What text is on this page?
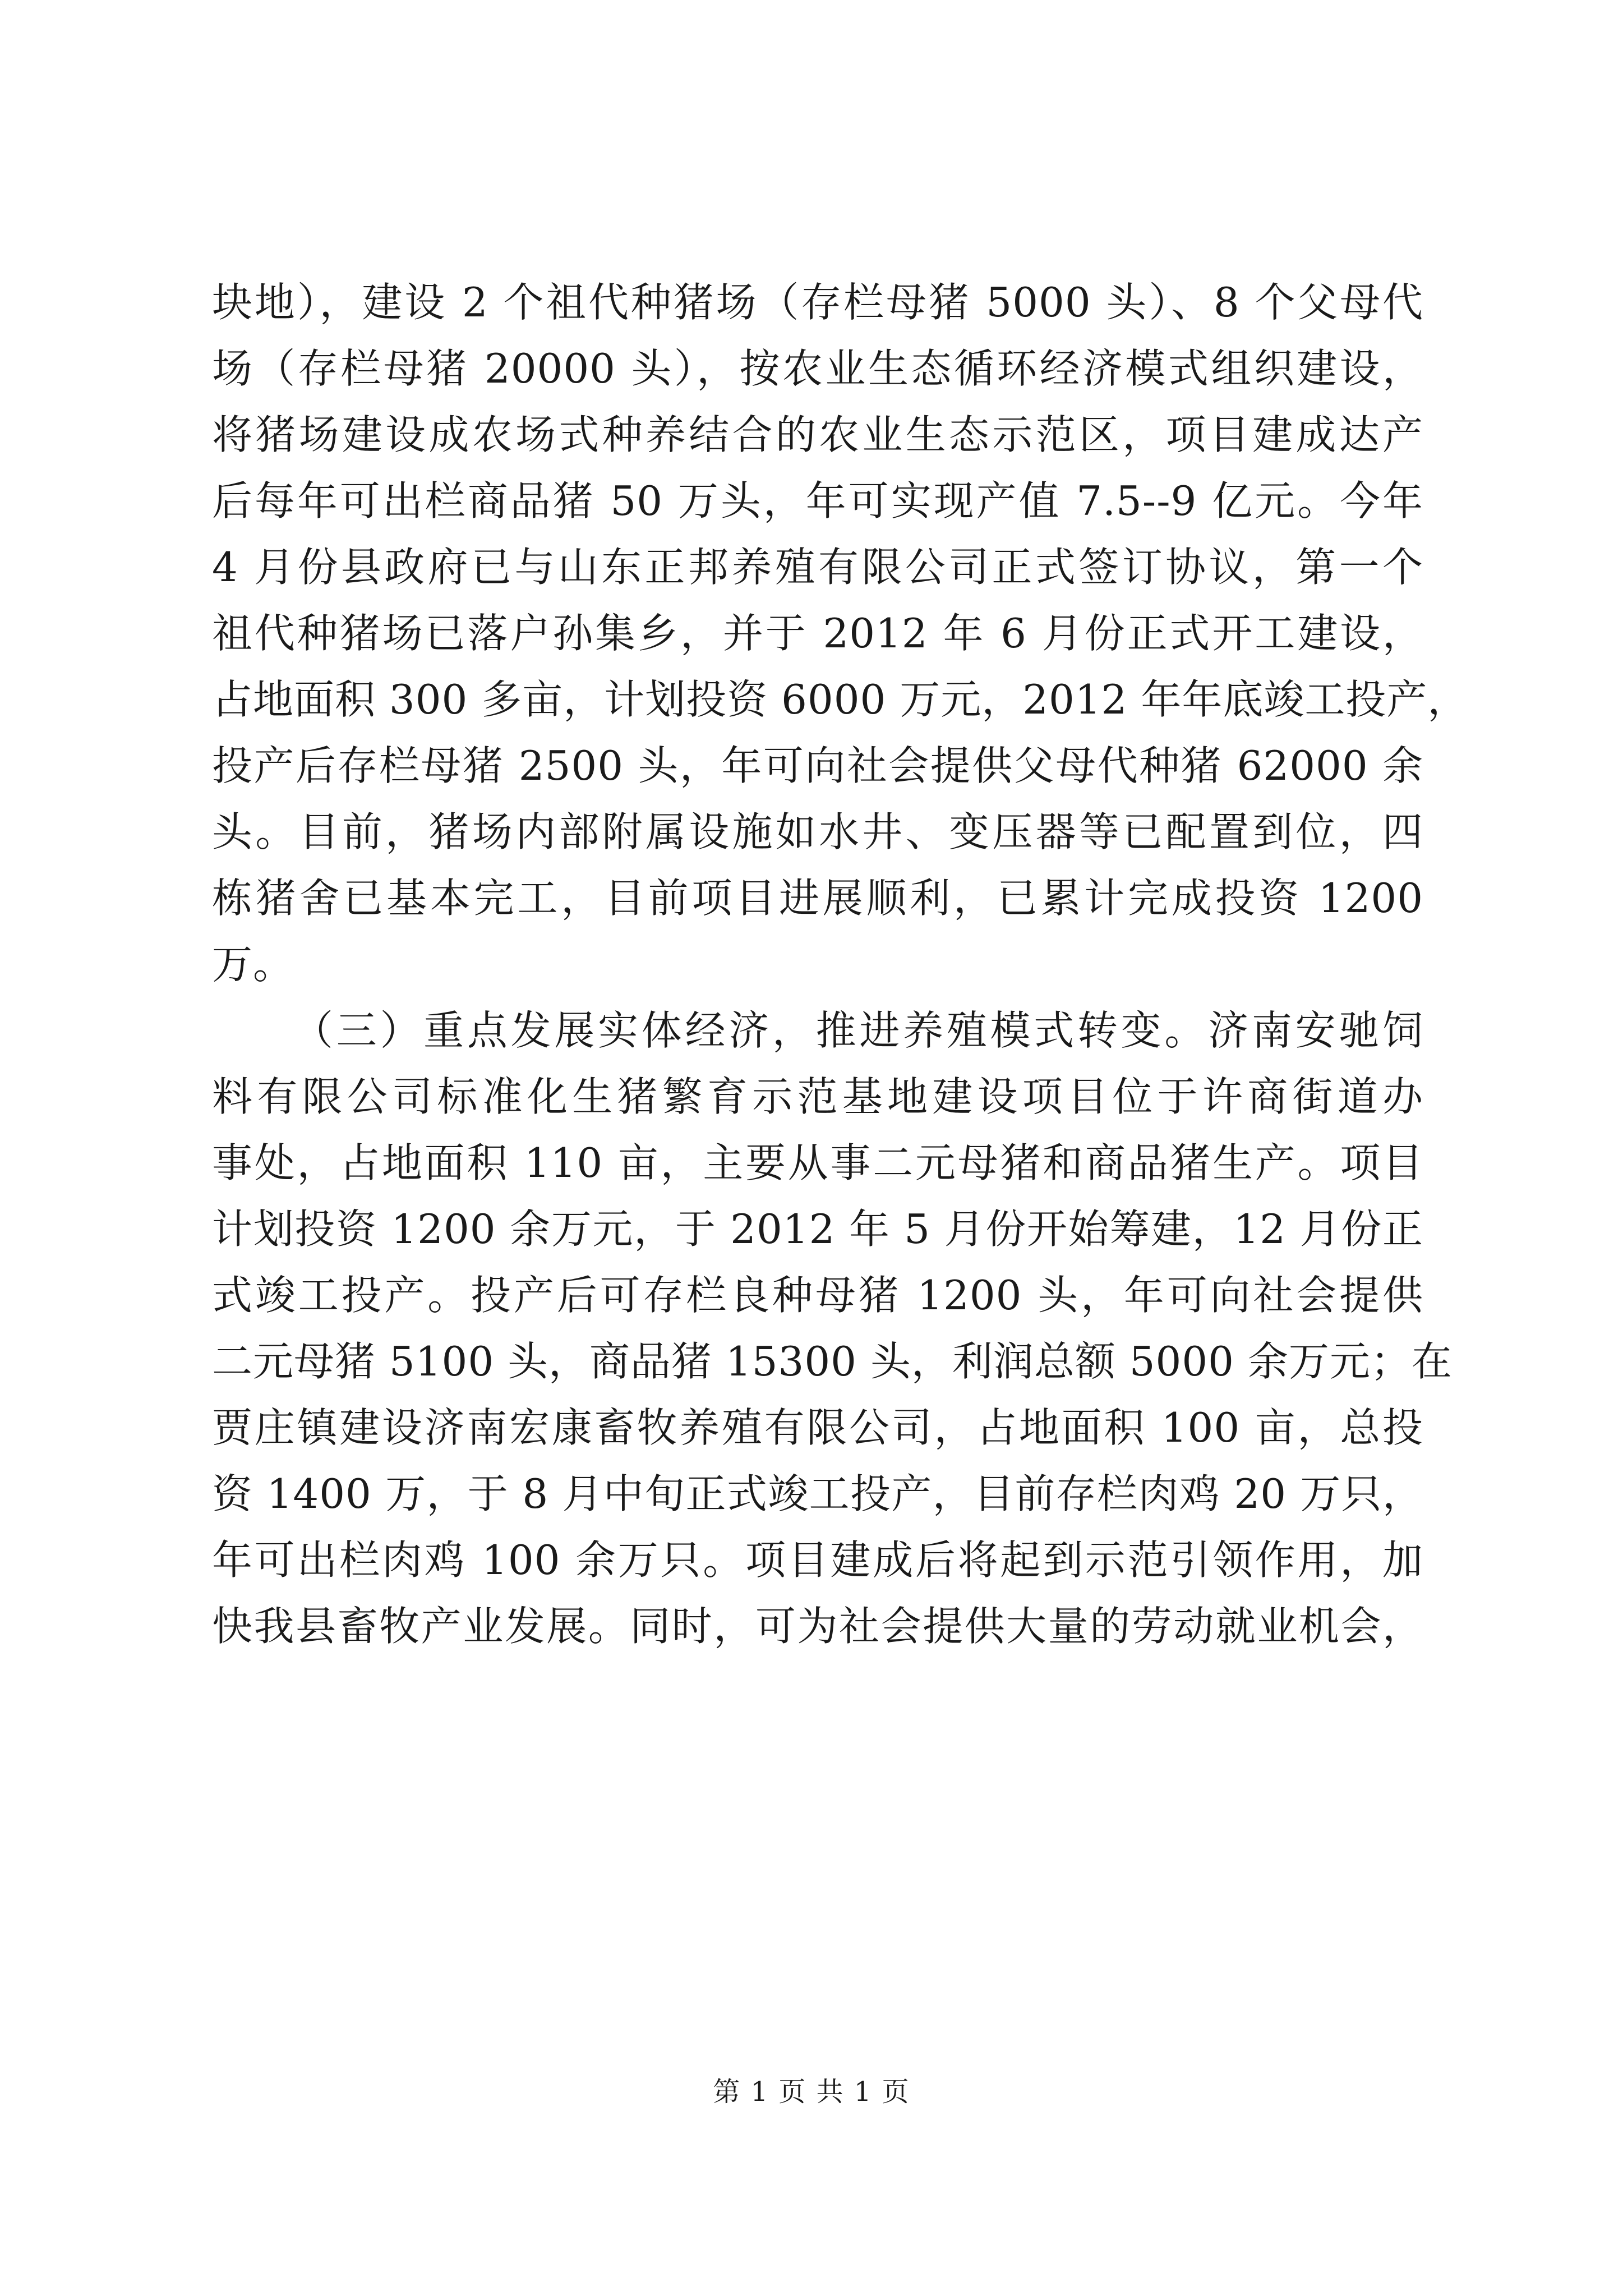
块地），建设 2 个祖代种猪场（存栏母猪 5000 头）、8 个父母代
场（存栏母猪 20000 头），按农业生态循环经济模式组织建设，
将猪场建设成农场式种养结合的农业生态示范区，项目建成达产
后每年可出栏商品猪 50 万头，年可实现产值 7.5--9 亿元。今年
4 月份县政府已与山东正邦养殖有限公司正式签订协议，第一个
祖代种猪场已落户孙集乡，并于 2012 年 6 月份正式开工建设，
占地面积 300 多亩，计划投资 6000 万元，2012 年年底竣工投产，
投产后存栏母猪 2500 头，年可向社会提供父母代种猪 62000 余
头。目前，猪场内部附属设施如水井、变压器等已配置到位，四
栋猪舍已基本完工，目前项目进展顺利，已累计完成投资 1200
万。
（三）重点发展实体经济，推进养殖模式转变。济南安驰饲
料有限公司标准化生猪繁育示范基地建设项目位于许商街道办
事处，占地面积 110 亩，主要从事二元母猪和商品猪生产。项目
计划投资 1200 余万元，于 2012 年 5 月份开始筹建，12 月份正
式竣工投产。投产后可存栏良种母猪 1200 头，年可向社会提供
二元母猪 5100 头，商品猪 15300 头，利润总额 5000 余万元；在
贾庄镇建设济南宏康畜牧养殖有限公司，占地面积 100 亩，总投
资 1400 万，于 8 月中旬正式竣工投产，目前存栏肉鸡 20 万只，
年可出栏肉鸡 100 余万只。项目建成后将起到示范引领作用，加
快我县畜牧产业发展。同时，可为社会提供大量的劳动就业机会，
第 1 页 共 1 页
